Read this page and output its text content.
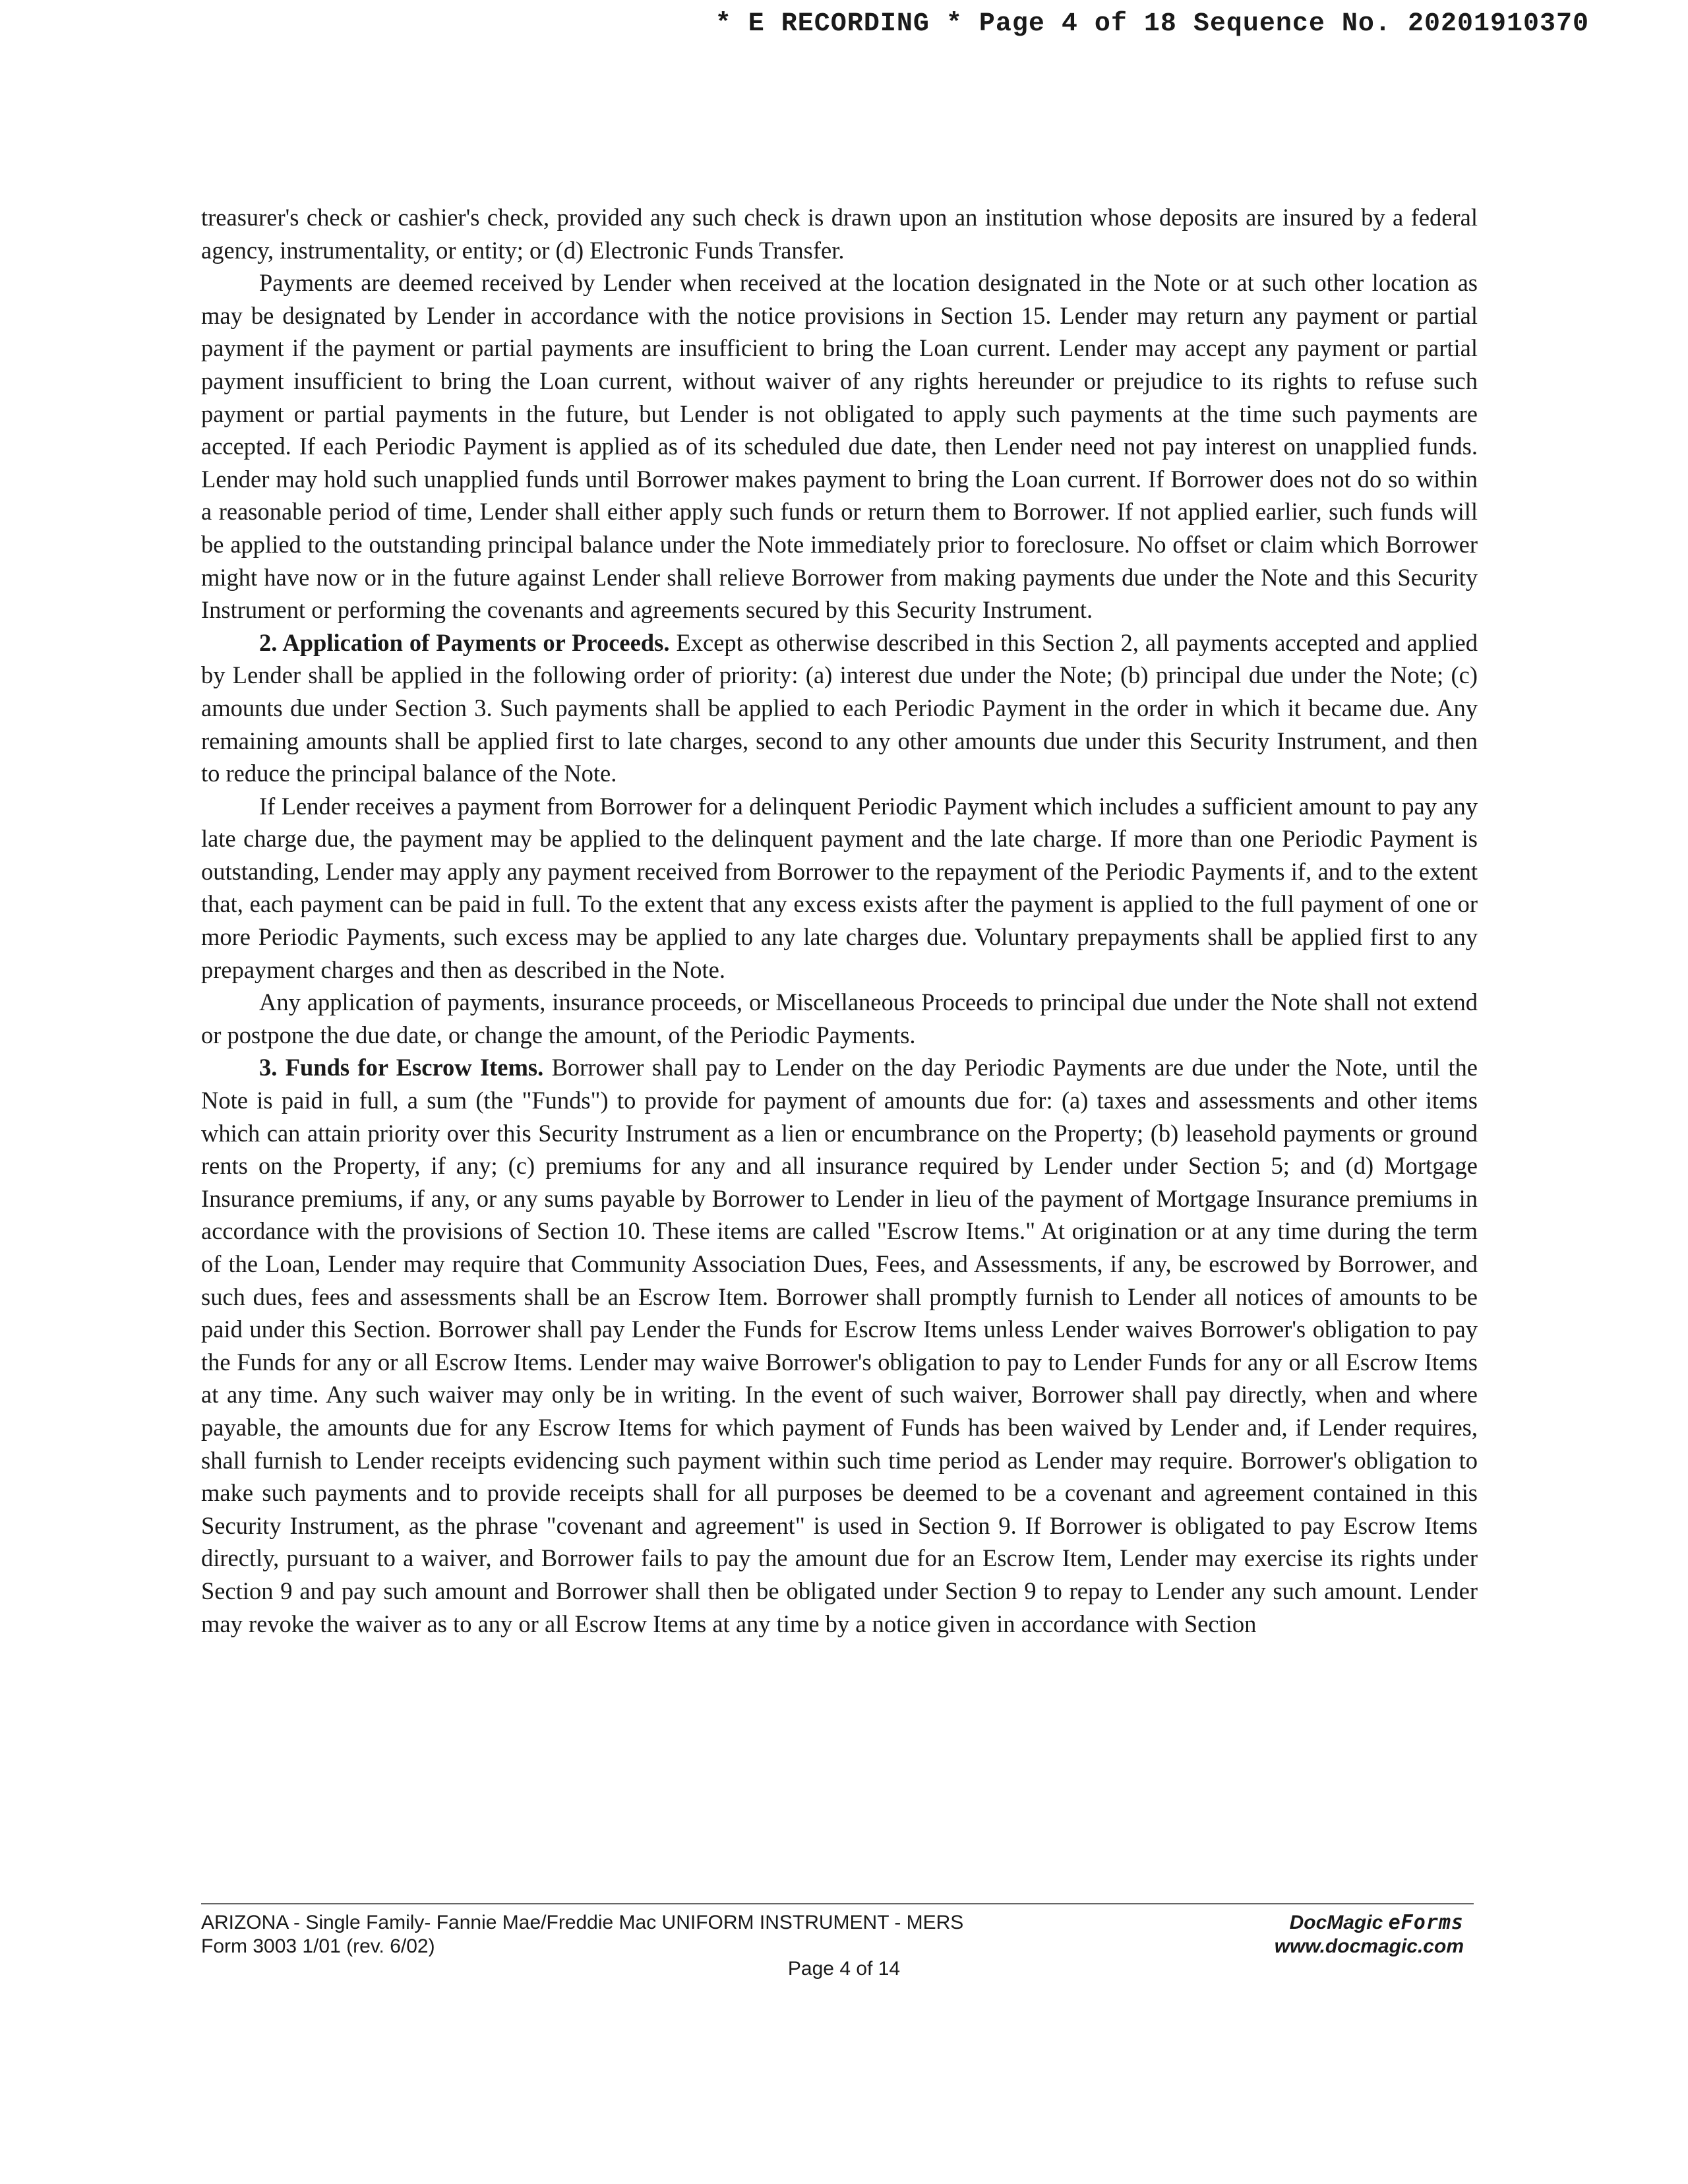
* E RECORDING * Page 4 of 18 Sequence No. 20201910370

treasurer's check or cashier's check, provided any such check is drawn upon an institution whose deposits are insured by a federal agency, instrumentality, or entity; or (d) Electronic Funds Transfer.

Payments are deemed received by Lender when received at the location designated in the Note or at such other location as may be designated by Lender in accordance with the notice provisions in Section 15. Lender may return any payment or partial payment if the payment or partial payments are insufficient to bring the Loan current. Lender may accept any payment or partial payment insufficient to bring the Loan current, without waiver of any rights hereunder or prejudice to its rights to refuse such payment or partial payments in the future, but Lender is not obligated to apply such payments at the time such payments are accepted. If each Periodic Payment is applied as of its scheduled due date, then Lender need not pay interest on unapplied funds. Lender may hold such unapplied funds until Borrower makes payment to bring the Loan current. If Borrower does not do so within a reasonable period of time, Lender shall either apply such funds or return them to Borrower. If not applied earlier, such funds will be applied to the outstanding principal balance under the Note immediately prior to foreclosure. No offset or claim which Borrower might have now or in the future against Lender shall relieve Borrower from making payments due under the Note and this Security Instrument or performing the covenants and agreements secured by this Security Instrument.

2. Application of Payments or Proceeds. Except as otherwise described in this Section 2, all payments accepted and applied by Lender shall be applied in the following order of priority: (a) interest due under the Note; (b) principal due under the Note; (c) amounts due under Section 3. Such payments shall be applied to each Periodic Payment in the order in which it became due. Any remaining amounts shall be applied first to late charges, second to any other amounts due under this Security Instrument, and then to reduce the principal balance of the Note.

If Lender receives a payment from Borrower for a delinquent Periodic Payment which includes a sufficient amount to pay any late charge due, the payment may be applied to the delinquent payment and the late charge. If more than one Periodic Payment is outstanding, Lender may apply any payment received from Borrower to the repayment of the Periodic Payments if, and to the extent that, each payment can be paid in full. To the extent that any excess exists after the payment is applied to the full payment of one or more Periodic Payments, such excess may be applied to any late charges due. Voluntary prepayments shall be applied first to any prepayment charges and then as described in the Note.

Any application of payments, insurance proceeds, or Miscellaneous Proceeds to principal due under the Note shall not extend or postpone the due date, or change the amount, of the Periodic Payments.

3. Funds for Escrow Items. Borrower shall pay to Lender on the day Periodic Payments are due under the Note, until the Note is paid in full, a sum (the "Funds") to provide for payment of amounts due for: (a) taxes and assessments and other items which can attain priority over this Security Instrument as a lien or encumbrance on the Property; (b) leasehold payments or ground rents on the Property, if any; (c) premiums for any and all insurance required by Lender under Section 5; and (d) Mortgage Insurance premiums, if any, or any sums payable by Borrower to Lender in lieu of the payment of Mortgage Insurance premiums in accordance with the provisions of Section 10. These items are called "Escrow Items." At origination or at any time during the term of the Loan, Lender may require that Community Association Dues, Fees, and Assessments, if any, be escrowed by Borrower, and such dues, fees and assessments shall be an Escrow Item. Borrower shall promptly furnish to Lender all notices of amounts to be paid under this Section. Borrower shall pay Lender the Funds for Escrow Items unless Lender waives Borrower's obligation to pay the Funds for any or all Escrow Items. Lender may waive Borrower's obligation to pay to Lender Funds for any or all Escrow Items at any time. Any such waiver may only be in writing. In the event of such waiver, Borrower shall pay directly, when and where payable, the amounts due for any Escrow Items for which payment of Funds has been waived by Lender and, if Lender requires, shall furnish to Lender receipts evidencing such payment within such time period as Lender may require. Borrower's obligation to make such payments and to provide receipts shall for all purposes be deemed to be a covenant and agreement contained in this Security Instrument, as the phrase "covenant and agreement" is used in Section 9. If Borrower is obligated to pay Escrow Items directly, pursuant to a waiver, and Borrower fails to pay the amount due for an Escrow Item, Lender may exercise its rights under Section 9 and pay such amount and Borrower shall then be obligated under Section 9 to repay to Lender any such amount. Lender may revoke the waiver as to any or all Escrow Items at any time by a notice given in accordance with Section

ARIZONA - Single Family- Fannie Mae/Freddie Mac UNIFORM INSTRUMENT - MERS
Form 3003 1/01 (rev. 6/02)
Page 4 of 14
DocMagic eForms
www.docmagic.com
